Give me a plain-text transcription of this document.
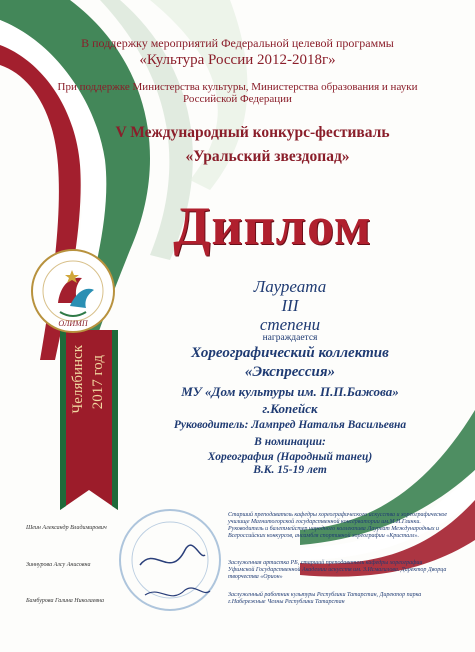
ОЛИМП
В поддержку мероприятий Федеральной целевой программы
«Культура России 2012-2018г»
При поддержке Министерства культуры, Министерства образования и науки
Российской Федерации
V Международный конкурс-фестиваль
«Уральский звездопад»
Диплом
Лауреата
III
степени
награждается
Хореографический коллектив
«Экспрессия»
МУ «Дом культуры им. П.П.Бажова»
г.Копейск
Руководитель: Лампред Наталья Васильевна
В номинации:
Хореография (Народный танец)
В.К. 15-19 лет
Челябинск 2017 год
Шеин Александр Владимирович
Зиннурова Алсу Анисовна
Бамбурова Галина Николаевна
Старший преподаватель кафедры хореографического искусства и хореографическое училище Магнитогорской государственной консерватории им.М.И.Глинки. Руководитель и балетмейстер народного коллектива Лауреат Международных и Всероссийских конкурсов, ансамбля спортивной хореографии «Кристалл».
Заслуженная артистка РБ, старший преподаватель кафедры хореографии Уфимской Государственной Академии искусств им. З.Исмагилова. Директор Дворца творчества «Орион»
Заслуженный работник культуры Республики Татарстан, Директор парка г.Набережные Челны Республики Татарстан
